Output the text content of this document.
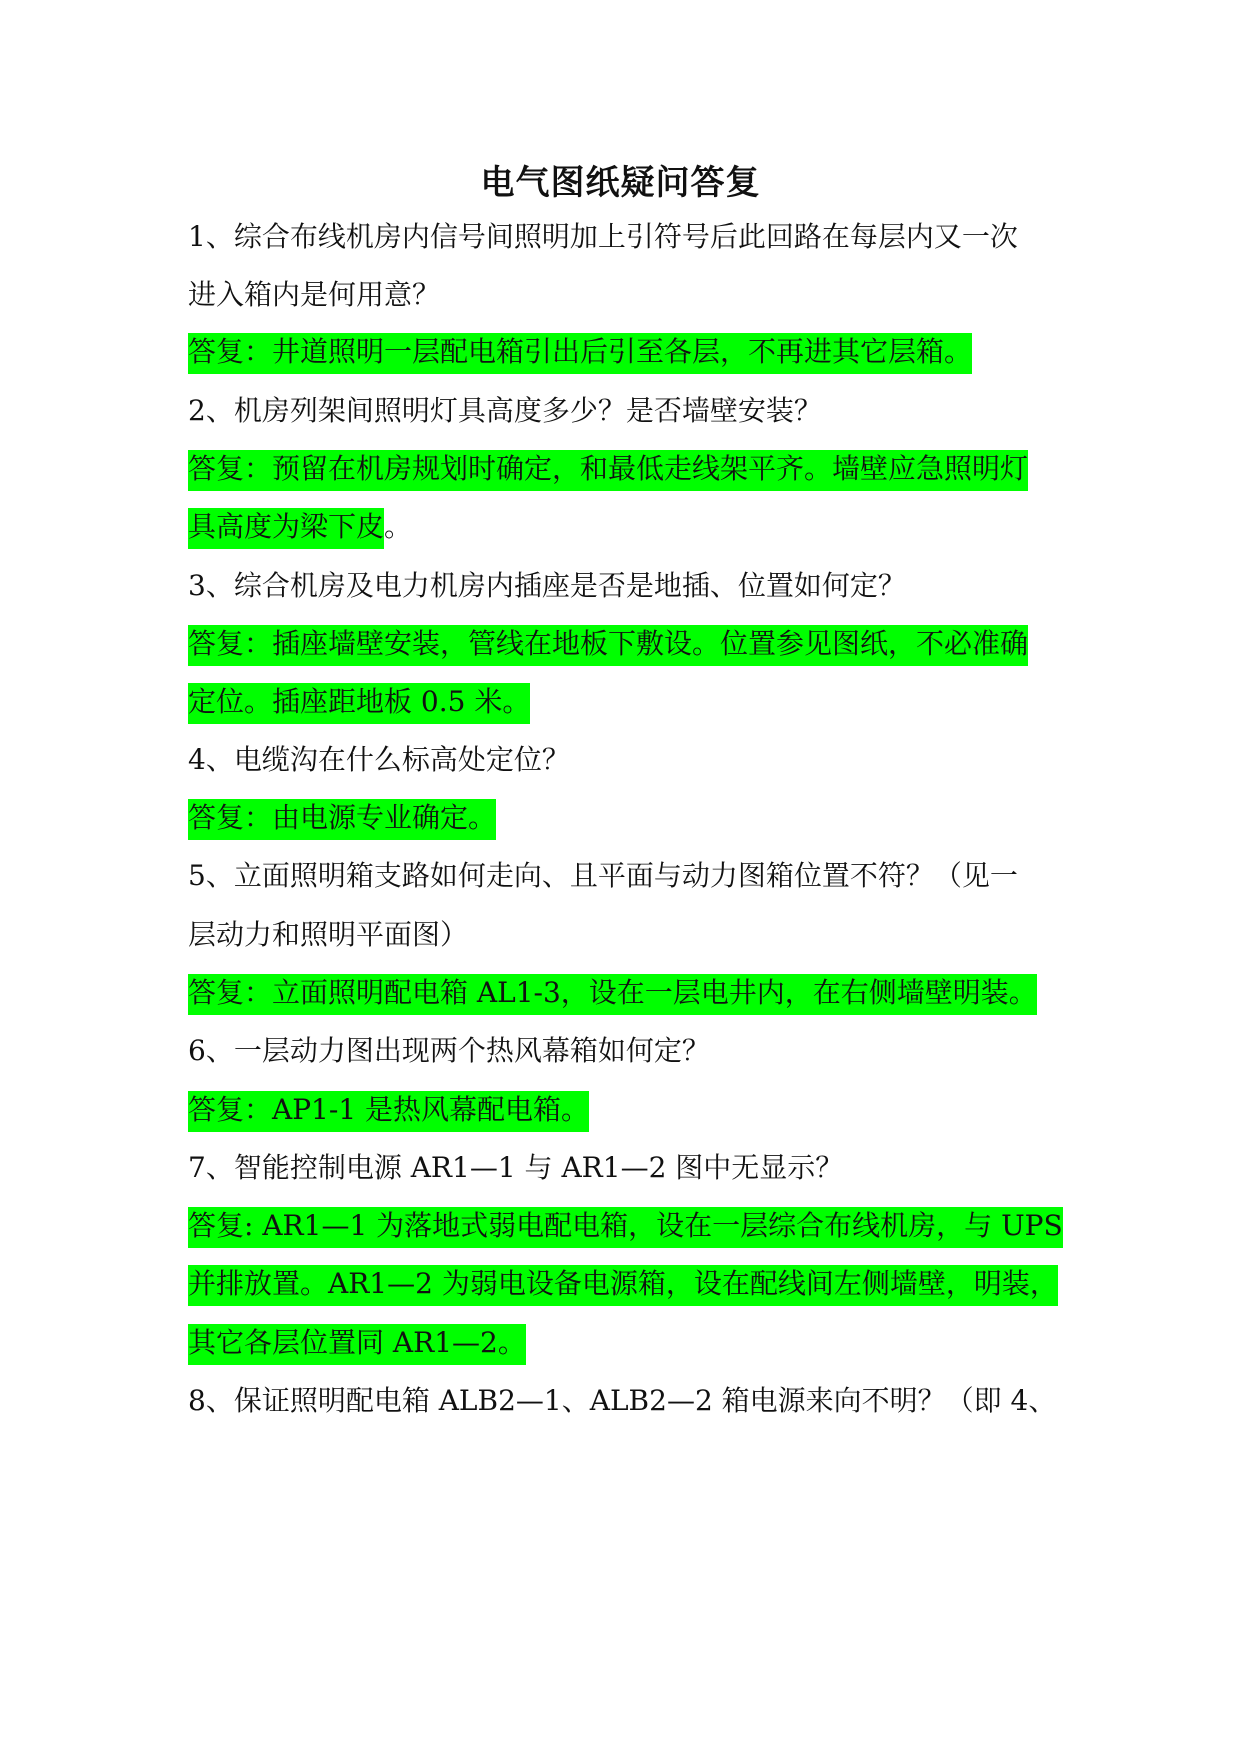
电气图纸疑问答复
1、综合布线机房内信号间照明加上引符号后此回路在每层内又一次
进入箱内是何用意？
答复：井道照明一层配电箱引出后引至各层，不再进其它层箱。
2、机房列架间照明灯具高度多少？是否墙壁安装？
答复：预留在机房规划时确定，和最低走线架平齐。墙壁应急照明灯
具高度为梁下皮。
3、综合机房及电力机房内插座是否是地插、位置如何定？
答复：插座墙壁安装，管线在地板下敷设。位置参见图纸，不必准确
定位。插座距地板 0.5 米。
4、电缆沟在什么标高处定位？
答复：由电源专业确定。
5、立面照明箱支路如何走向、且平面与动力图箱位置不符？（见一
层动力和照明平面图）
答复：立面照明配电箱 AL1-3，设在一层电井内，在右侧墙壁明装。
6、一层动力图出现两个热风幕箱如何定？
答复：AP1-1 是热风幕配电箱。
7、智能控制电源 AR1—1 与 AR1—2 图中无显示？
答复: AR1—1 为落地式弱电配电箱，设在一层综合布线机房，与 UPS
并排放置。AR1—2 为弱电设备电源箱，设在配线间左侧墙壁，明装，
其它各层位置同 AR1—2。
8、保证照明配电箱 ALB2—1、ALB2—2 箱电源来向不明？（即 4、
